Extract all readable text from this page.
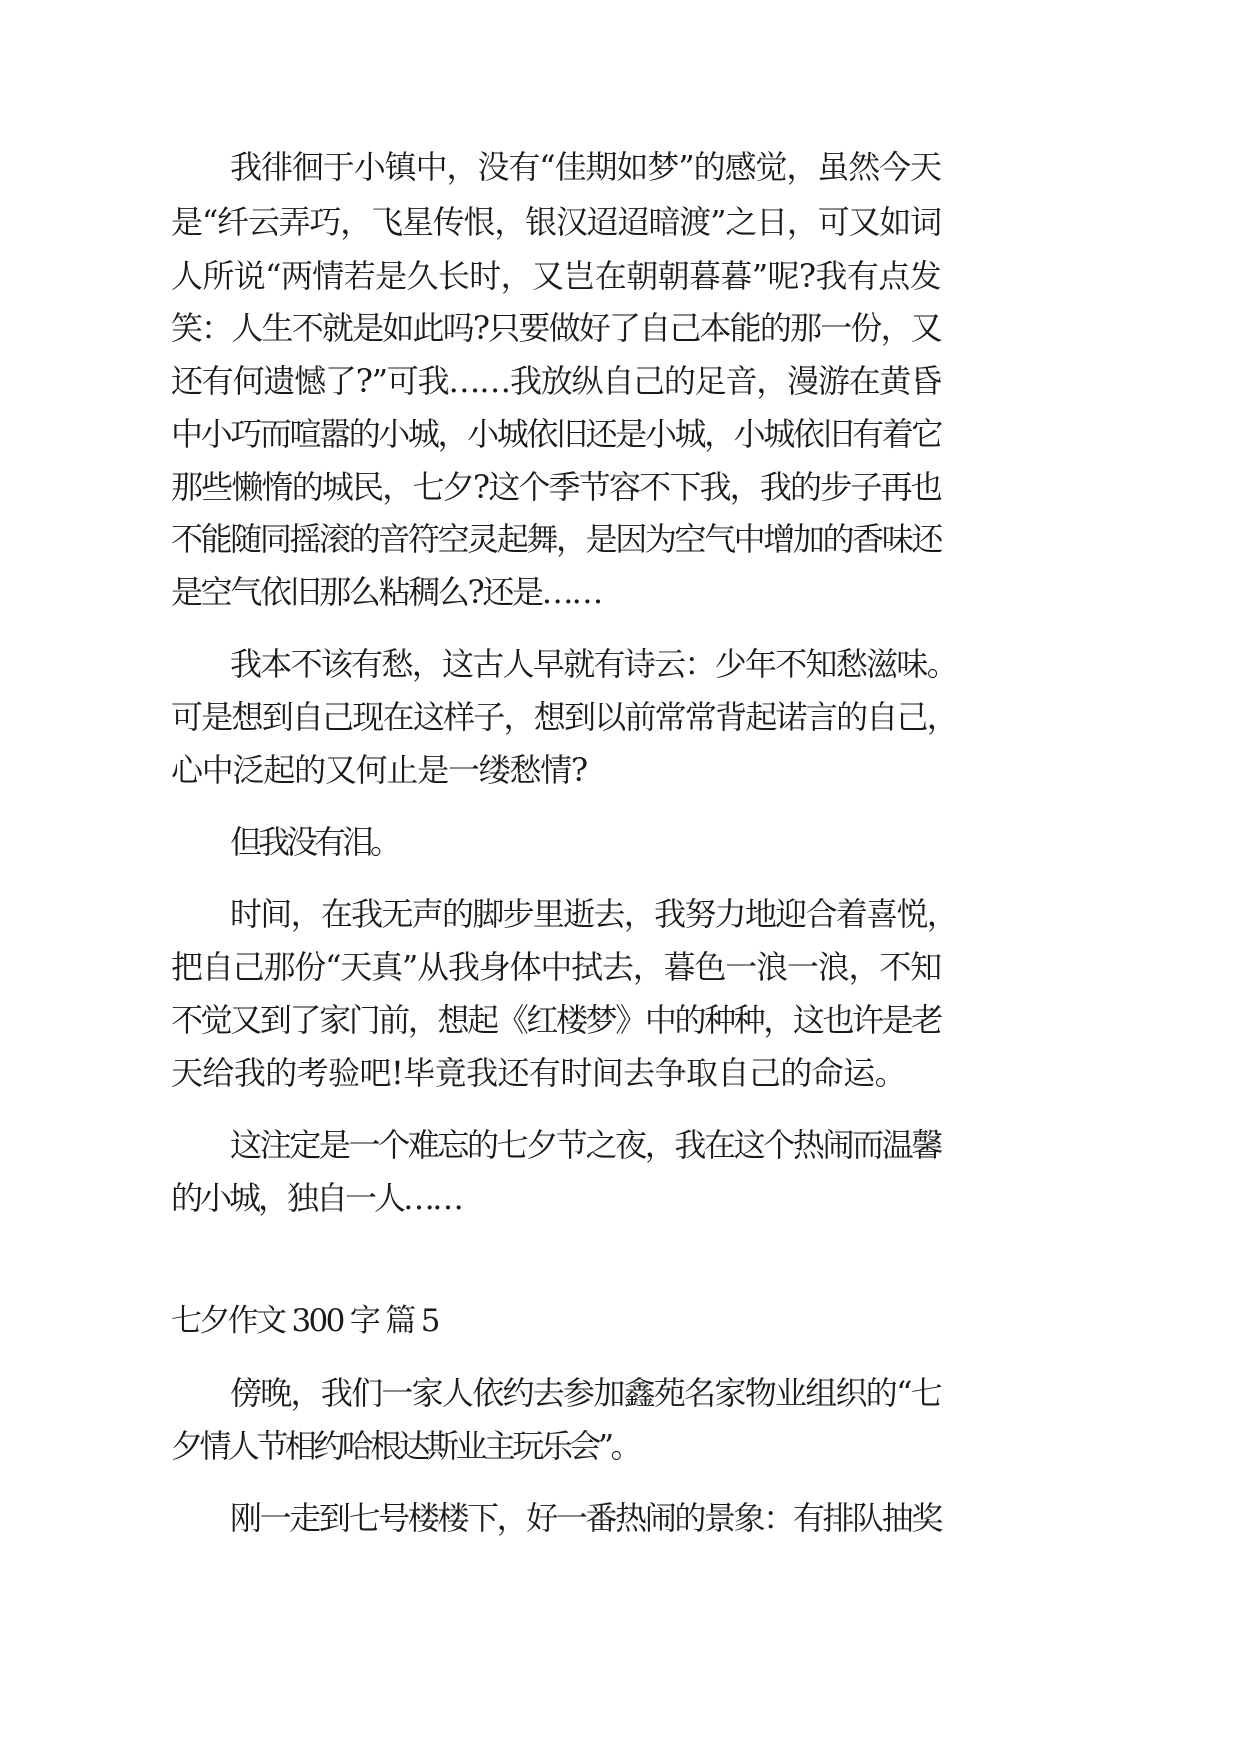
我徘徊于小镇中，没有“佳期如梦”的感觉，虽然今天
是“纤云弄巧，飞星传恨，银汉迢迢暗渡”之日，可又如词
人所说“两情若是久长时，又岂在朝朝暮暮”呢?我有点发
笑：人生不就是如此吗?只要做好了自己本能的那一份，又
还有何遗憾了?”可我……我放纵自己的足音，漫游在黄昏
中小巧而喧嚣的小城，小城依旧还是小城，小城依旧有着它
那些懒惰的城民，七夕?这个季节容不下我，我的步子再也
不能随同摇滚的音符空灵起舞，是因为空气中增加的香味还
是空气依旧那么粘稠么?还是……
我本不该有愁，这古人早就有诗云：少年不知愁滋味。
可是想到自己现在这样子，想到以前常常背起诺言的自己，
心中泛起的又何止是一缕愁情?
但我没有泪。
时间，在我无声的脚步里逝去，我努力地迎合着喜悦，
把自己那份“天真”从我身体中拭去，暮色一浪一浪，不知
不觉又到了家门前，想起《红楼梦》中的种种，这也许是老
天给我的考验吧!毕竟我还有时间去争取自己的命运。
这注定是一个难忘的七夕节之夜，我在这个热闹而温馨
的小城，独自一人……
七夕作文 300 字 篇 5
傍晚，我们一家人依约去参加鑫苑名家物业组织的“七
夕情人节相约哈根达斯业主玩乐会”。
刚一走到七号楼楼下，好一番热闹的景象：有排队抽奖
